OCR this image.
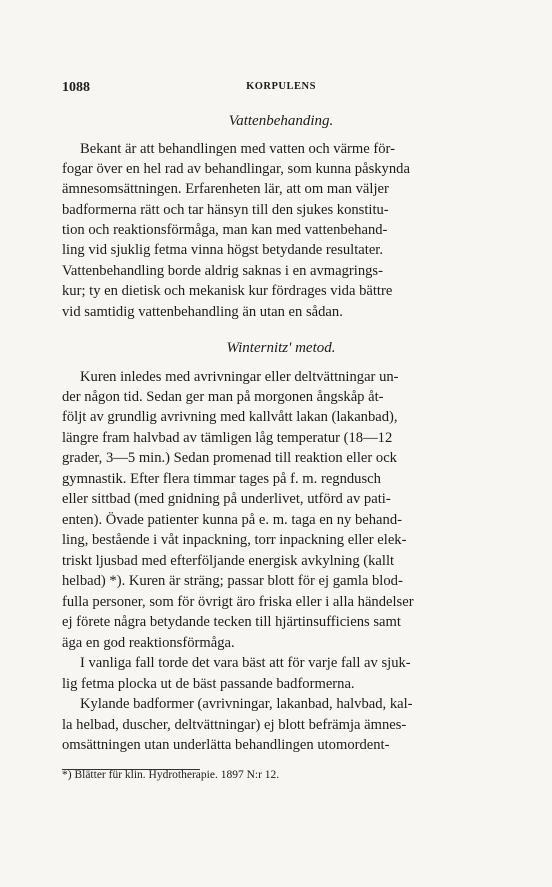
1088	KORPULENS
Vattenbehanding.
Winternitz' metod.
Bekant är att behandlingen med vatten och värme för-
fogar över en hel rad av behandlingar, som kunna påskynda
ämnesomsättningen. Erfarenheten lär, att om man väljer
badformerna rätt och tar hänsyn till den sjukes konstitu-
tion och reaktionsförmåga, man kan med vattenbehand-
ling vid sjuklig fetma vinna högst betydande resultater.
Vattenbehandling borde aldrig saknas i en avmagrings-
kur; ty en dietisk och mekanisk kur fördrages vida bättre
vid samtidig vattenbehandling än utan en sådan.
Kuren inledes med avrivningar eller deltvättningar un-
der någon tid. Sedan ger man på morgonen ångskåp åt-
följt av grundlig avrivning med kallvått lakan (lakanbad),
längre fram halvbad av tämligen låg temperatur (18—12
grader, 3—5 min.) Sedan promenad till reaktion eller ock
gymnastik. Efter flera timmar tages på f. m. regndusch
eller sittbad (med gnidning på underlivet, utförd av pati-
enten). Övade patienter kunna på e. m. taga en ny behand-
ling, bestående i våt inpackning, torr inpackning eller elek-
triskt ljusbad med efterföljande energisk avkylning (kallt
helbad) *). Kuren är sträng; passar blott för ej gamla blod-
fulla personer, som för övrigt äro friska eller i alla händelser
ej förete några betydande tecken till hjärtinsufficiens samt
äga en god reaktionsförmåga.
I vanliga fall torde det vara bäst att för varje fall av sjuk-
lig fetma plocka ut de bäst passande badformerna.
Kylande badformer (avrivningar, lakanbad, halvbad, kal-
la helbad, duscher, deltvättningar) ej blott befrämja ämnes-
omsättningen utan underlätta behandlingen utomordent-
*) Blätter für klin. Hydrotherapie. 1897 N:r 12.
